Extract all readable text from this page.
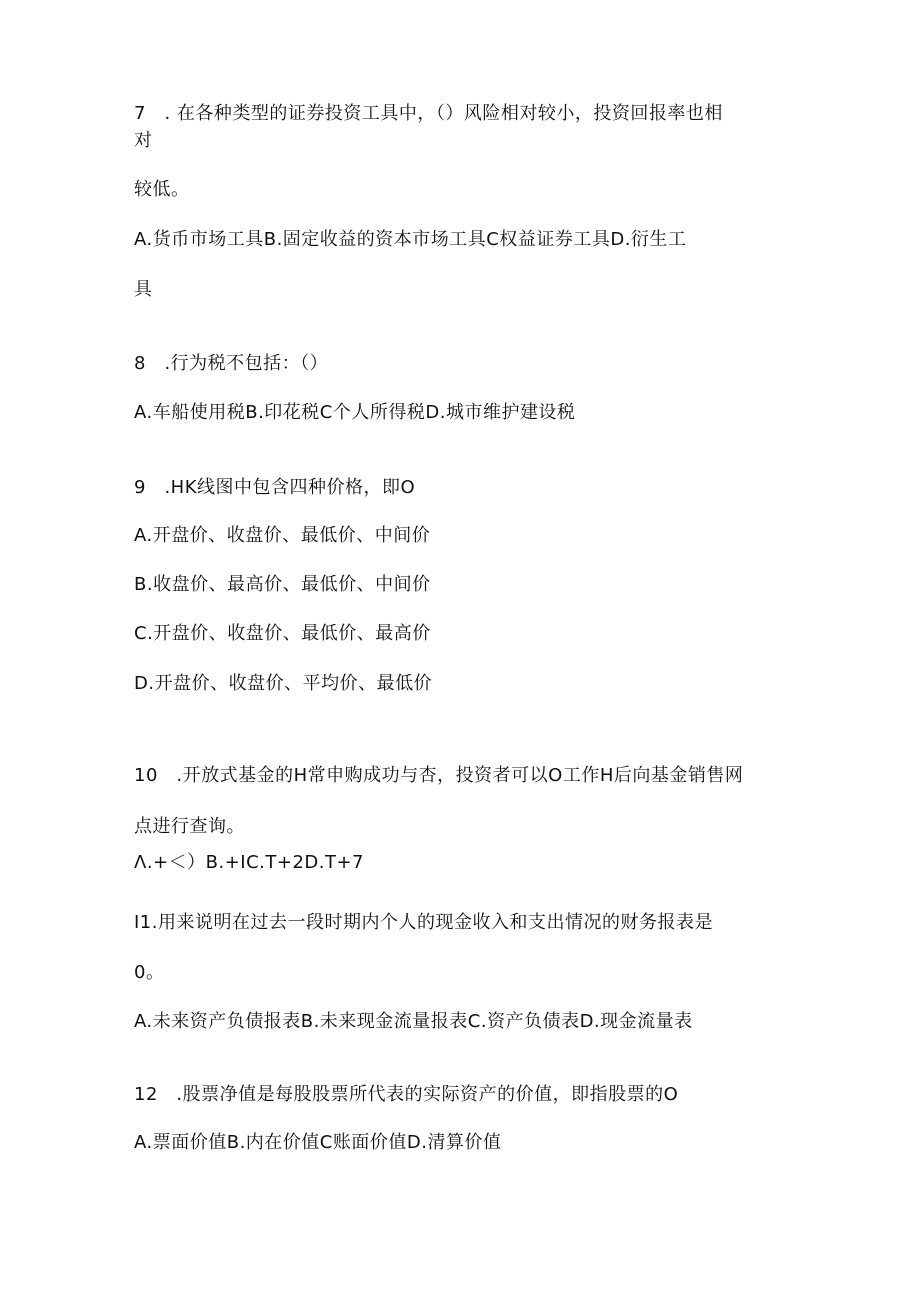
7　. 在各种类型的证券投资工具中，（）风险相对较小，投资回报率也相
对
较低。
A.货币市场工具B.固定收益的资本市场工具C权益证券工具D.衍生工
具
8　.行为税不包括：（）
A.车船使用税B.印花税C个人所得税D.城市维护建设税
9　.HK线图中包含四种价格，即O
A.开盘价、收盘价、最低价、中间价
B.收盘价、最高价、最低价、中间价
C.开盘价、收盘价、最低价、最高价
D.开盘价、收盘价、平均价、最低价
10　.开放式基金的H常申购成功与杏，投资者可以O工作H后向基金销售网
点进行查询。
Λ.+＜）B.+IC.T+2D.T+7
I1.用来说明在过去一段时期内个人的现金收入和支出情况的财务报表是
0。
A.未来资产负债报表B.未来现金流量报表C.资产负债表D.现金流量表
12　.股票净值是每股股票所代表的实际资产的价值，即指股票的O
A.票面价值B.内在价值C账面价值D.清算价值
